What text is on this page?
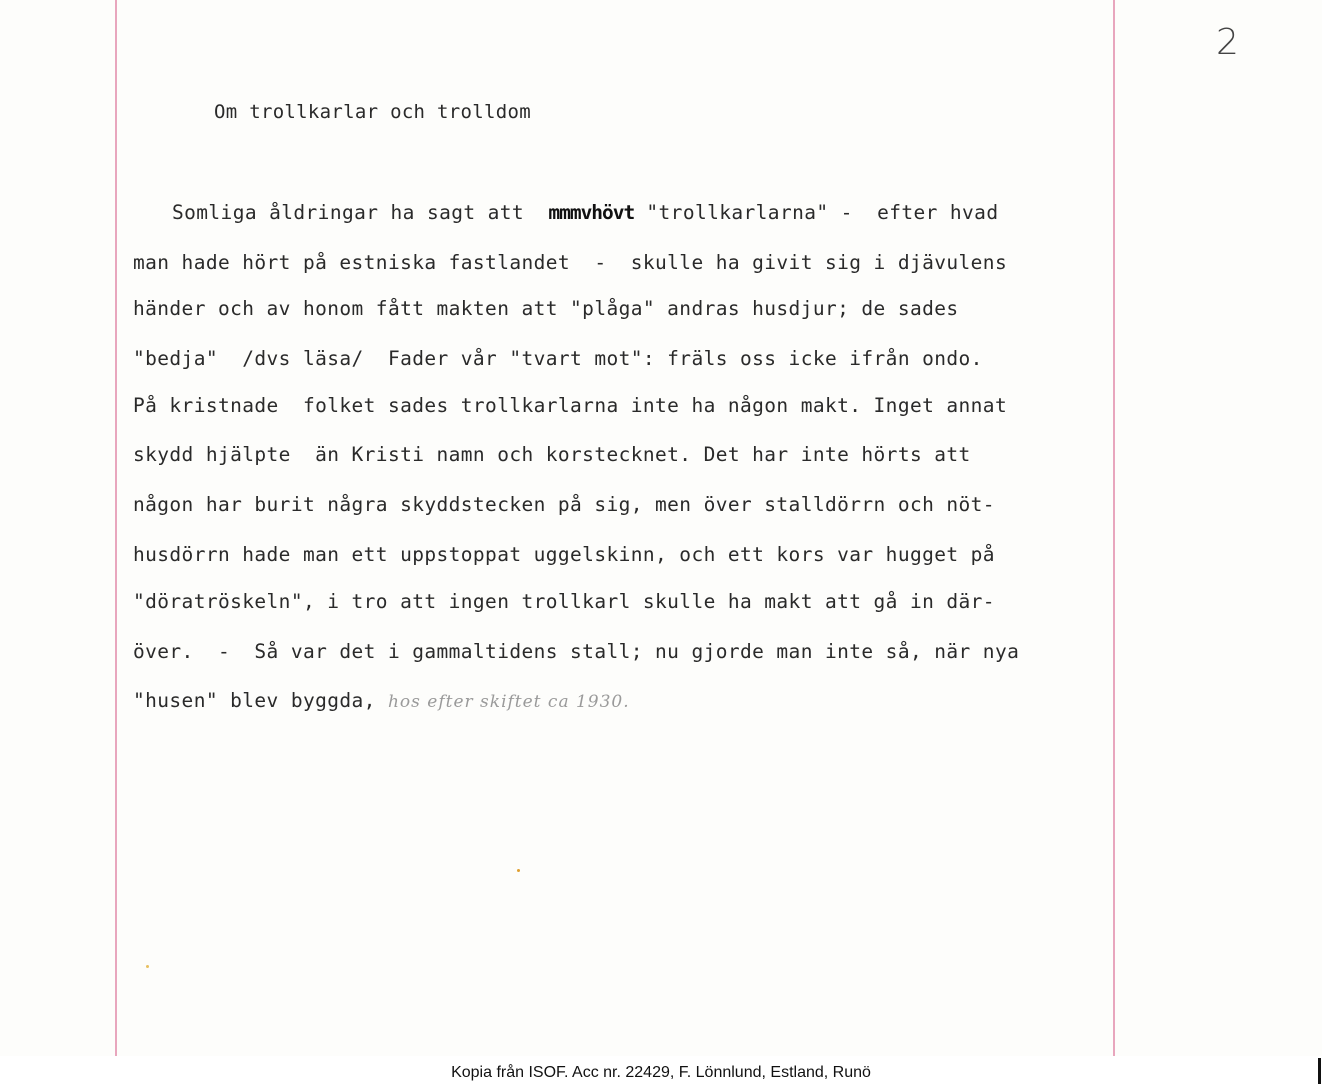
2
Om trollkarlar och trolldom
Somliga åldringar ha sagt att  mmmvhövt "trollkarlarna" -  efter hvad
man hade hört på estniska fastlandet  -  skulle ha givit sig i djävulens
händer och av honom fått makten att "plåga" andras husdjur; de sades
"bedja"  /dvs läsa/  Fader vår "tvart mot": fräls oss icke ifrån ondo.
På kristnade  folket sades trollkarlarna inte ha någon makt. Inget annat
skydd hjälpte  än Kristi namn och korstecknet. Det har inte hörts att
någon har burit några skyddstecken på sig, men över stalldörrn och nöt-
husdörrn hade man ett uppstoppat uggelskinn, och ett kors var hugget på
"döratröskeln", i tro att ingen trollkarl skulle ha makt att gå in där-
över.  -  Så var det i gammaltidens stall; nu gjorde man inte så, när nya
"husen" blev byggda, hos efter skiftet ca 1930.
Kopia från ISOF. Acc nr. 22429, F. Lönnlund, Estland, Runö
